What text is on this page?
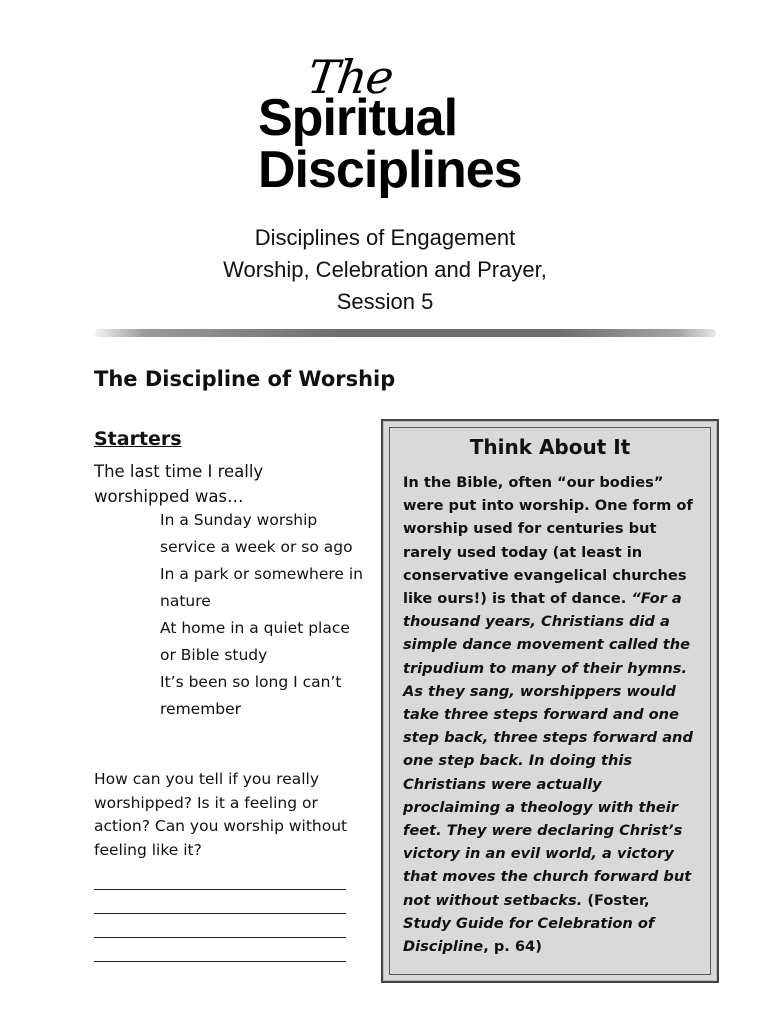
The
Spiritual
Disciplines
Disciplines of Engagement
Worship, Celebration and Prayer,
Session 5
The Discipline of Worship
Starters
The last time I really worshipped was…
In a Sunday worship service a week or so ago
In a park or somewhere in nature
At home in a quiet place or Bible study
It’s been so long I can’t remember
How can you tell if you really worshipped? Is it a feeling or action? Can you worship without feeling like it?
Think About It
In the Bible, often “our bodies” were put into worship. One form of worship used for centuries but rarely used today (at least in conservative evangelical churches like ours!) is that of dance. “For a thousand years, Christians did a simple dance movement called the tripudium to many of their hymns. As they sang, worshippers would take three steps forward and one step back, three steps forward and one step back. In doing this Christians were actually proclaiming a theology with their feet. They were declaring Christ’s victory in an evil world, a victory that moves the church forward but not without setbacks. (Foster, Study Guide for Celebration of Discipline, p. 64)
